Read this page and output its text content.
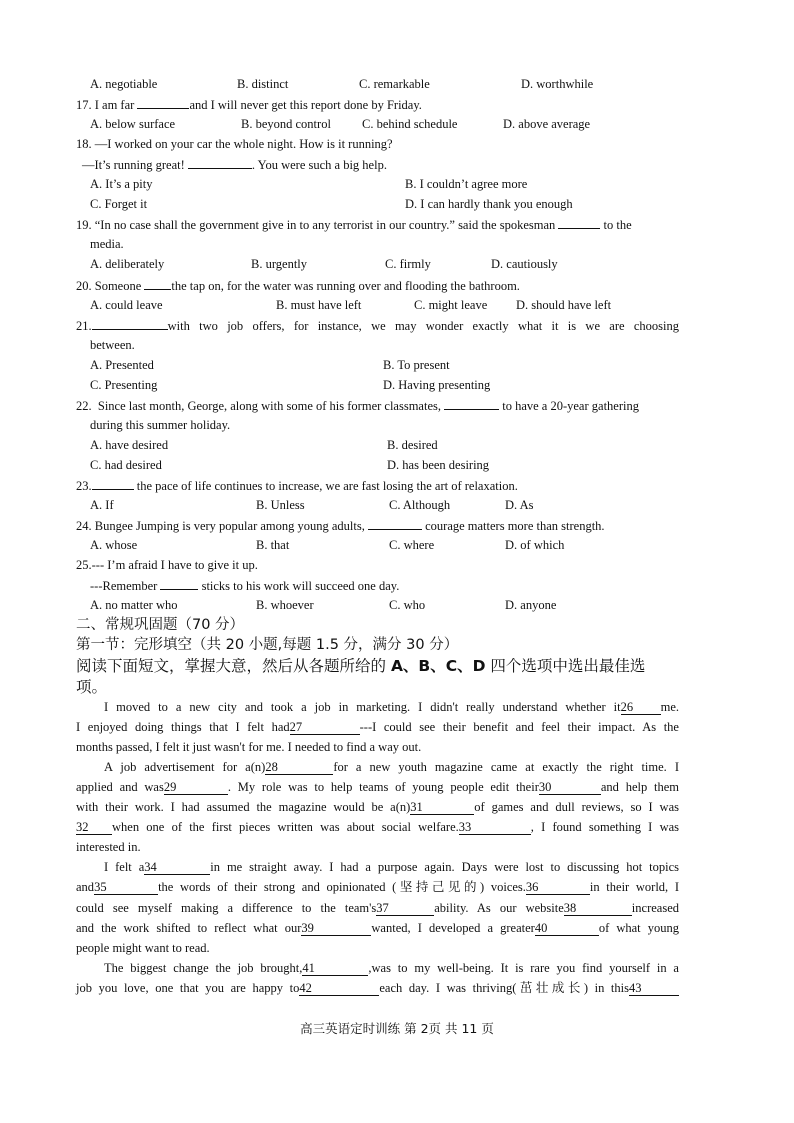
A. negotiable	B. distinct	C. remarkable	D. worthwhile
17. I am far	and I will never get this report done by Friday.
A. below surface	B. beyond control C. behind schedule	D. above average
18. —I worked on your car the whole night. How is it running?
—It’s running great!	. You were such a big help.
A. It’s a pity	B. I couldn’t agree more
C. Forget it	D. I can hardly thank you enough
19. “In no case shall the government give in to any terrorist in our country.” said the spokesman	to the
media.
A. deliberately	B. urgently	C. firmly	D. cautiously
20. Someone the tap on, for the water was running over and flooding the bathroom.
A. could leave	B. must have left	C. might leave D. should have left
21.	with two job offers, for instance, we may wonder exactly what it is we are choosing
between.
A. Presented	B. To present
C. Presenting	D. Having presenting
22.  Since last month, George, along with some of his former classmates,	to have a 20-year gathering
during this summer holiday.
A. have desired	B. desired
C. had desired	D. has been desiring
23.	the pace of life continues to increase, we are fast losing the art of relaxation.
A. If	B. Unless	C. Although	D. As
24. Bungee Jumping is very popular among young adults,	courage matters more than strength.
A. whose	B. that	C. where	D. of which
25.--- I’m afraid I have to give it up.
---Remember	sticks to his work will succeed one day.
A. no matter who	B. whoever	C. who	D. anyone
二、常规巩固题（70 分）
第一节：完形填空（共 20 小题,每题 1.5 分，满分 30 分）
阅读下面短文，掌握大意，然后从各题所给的 A、B、C、D 四个选项中选出最佳选
项。
I moved to a new city and took a job in marketing. I didn't really understand whether it26 me.
I enjoyed doing things that I felt had27	---I could see their benefit and feel their impact. As the
months passed, I felt it just wasn't for me. I needed to find a way out.
A job advertisement for a(n)28	for a new youth magazine came at exactly the right time. I
applied and was29	. My role was to help teams of young people edit their30	and help them
with their work. I had assumed the magazine would be a(n)31	of games and dull reviews, so I was
32 when one of the first pieces written was about social welfare.33	, I found something I was
interested in.
I felt a34	in me straight away. I had a purpose again. Days were lost to discussing hot topics
and35	the words of their strong and opinionated (坚持己见的) voices.36	in their world, I
could see myself making a difference to the team's37	ability. As our website38	increased
and the work shifted to reflect what our39	wanted, I developed a greater40	of what young
people might want to read.
The biggest change the job brought,41	,was to my well-being. It is rare you find yourself in a
job you love, one that you are happy to42	each day. I was thriving(茁壮成长) in this43
高三英语定时训练 第 2页 共 11 页
